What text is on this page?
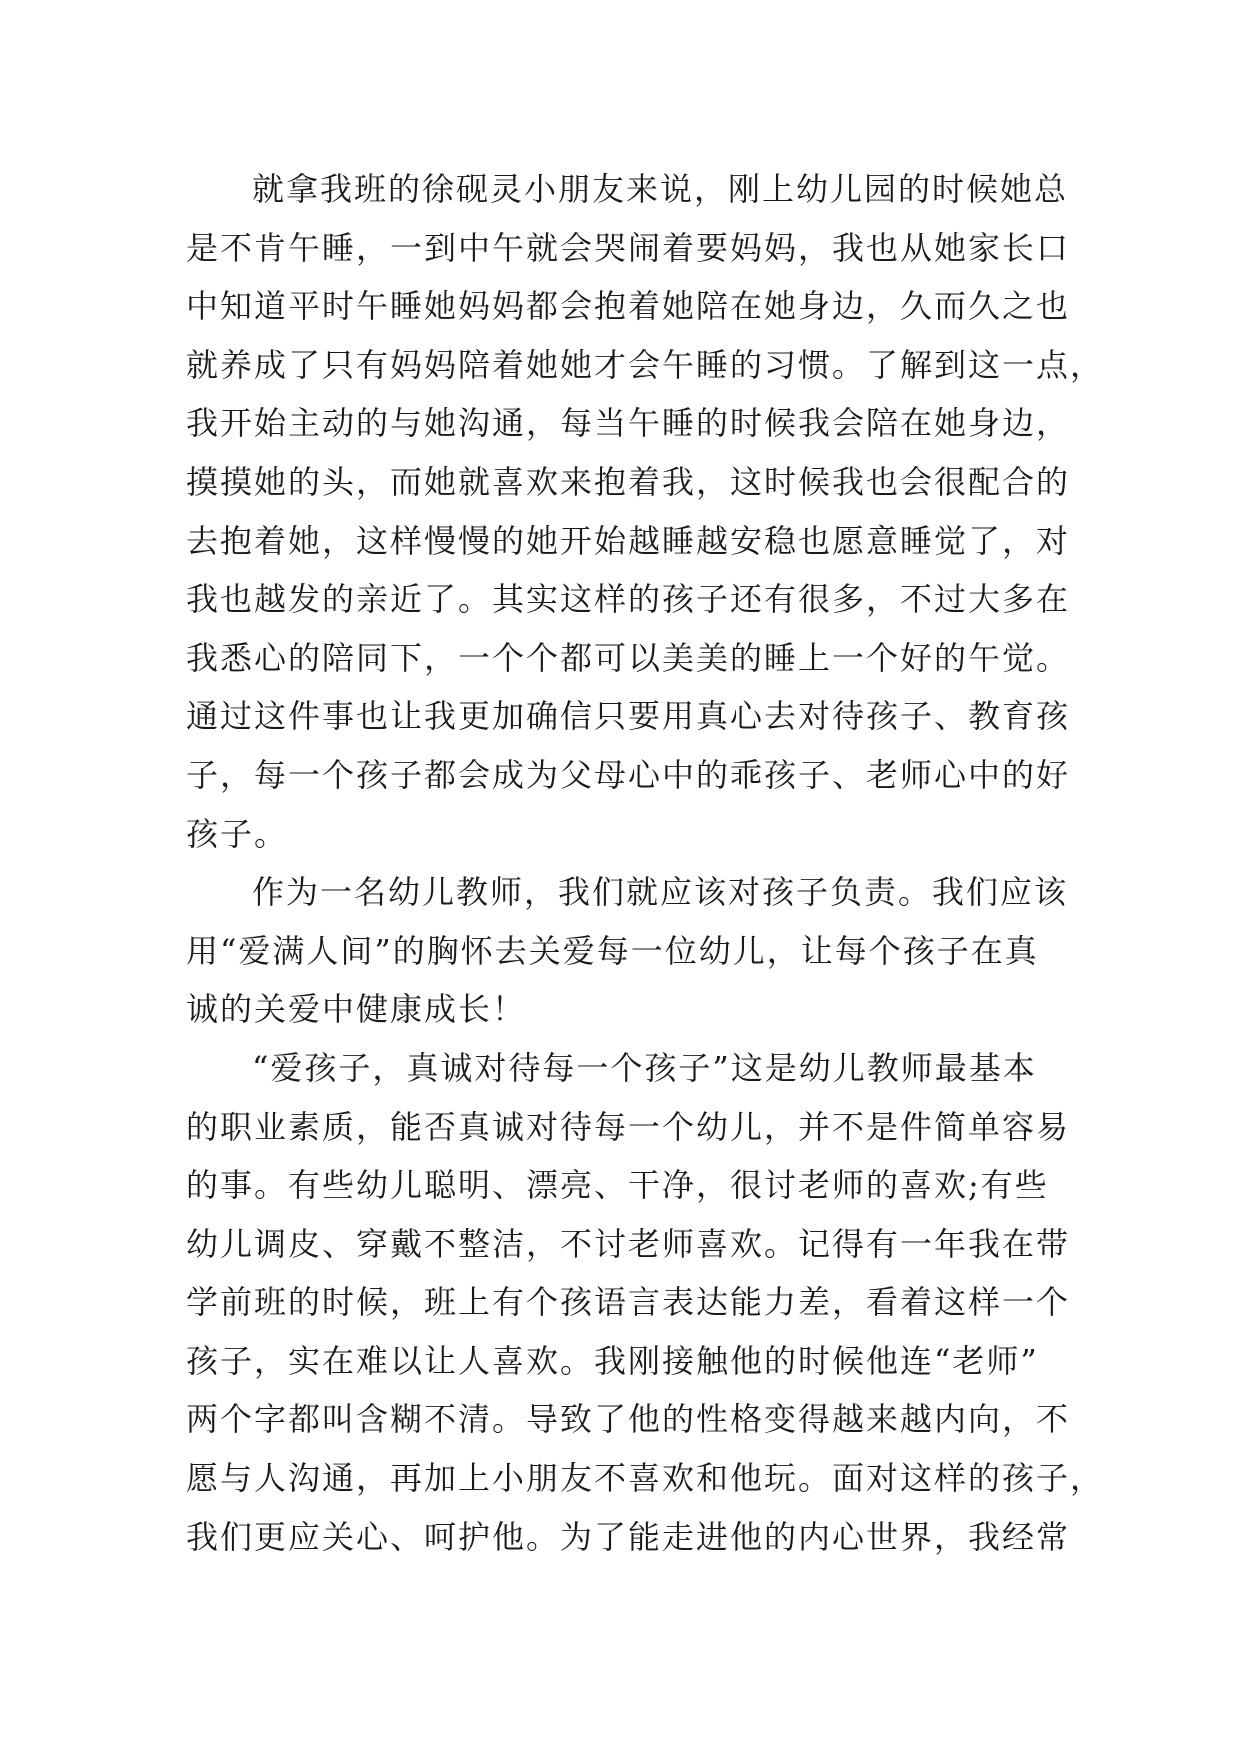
就拿我班的徐砚灵小朋友来说，刚上幼儿园的时候她总
是不肯午睡，一到中午就会哭闹着要妈妈，我也从她家长口
中知道平时午睡她妈妈都会抱着她陪在她身边，久而久之也
就养成了只有妈妈陪着她她才会午睡的习惯。了解到这一点，
我开始主动的与她沟通，每当午睡的时候我会陪在她身边，
摸摸她的头，而她就喜欢来抱着我，这时候我也会很配合的
去抱着她，这样慢慢的她开始越睡越安稳也愿意睡觉了，对
我也越发的亲近了。其实这样的孩子还有很多，不过大多在
我悉心的陪同下，一个个都可以美美的睡上一个好的午觉。
通过这件事也让我更加确信只要用真心去对待孩子、教育孩
子，每一个孩子都会成为父母心中的乖孩子、老师心中的好
孩子。
作为一名幼儿教师，我们就应该对孩子负责。我们应该
用“爱满人间”的胸怀去关爱每一位幼儿，让每个孩子在真
诚的关爱中健康成长！
“爱孩子，真诚对待每一个孩子”这是幼儿教师最基本
的职业素质，能否真诚对待每一个幼儿，并不是件简单容易
的事。有些幼儿聪明、漂亮、干净，很讨老师的喜欢;有些
幼儿调皮、穿戴不整洁，不讨老师喜欢。记得有一年我在带
学前班的时候，班上有个孩语言表达能力差，看着这样一个
孩子，实在难以让人喜欢。我刚接触他的时候他连“老师”
两个字都叫含糊不清。导致了他的性格变得越来越内向，不
愿与人沟通，再加上小朋友不喜欢和他玩。面对这样的孩子，
我们更应关心、呵护他。为了能走进他的内心世界，我经常
